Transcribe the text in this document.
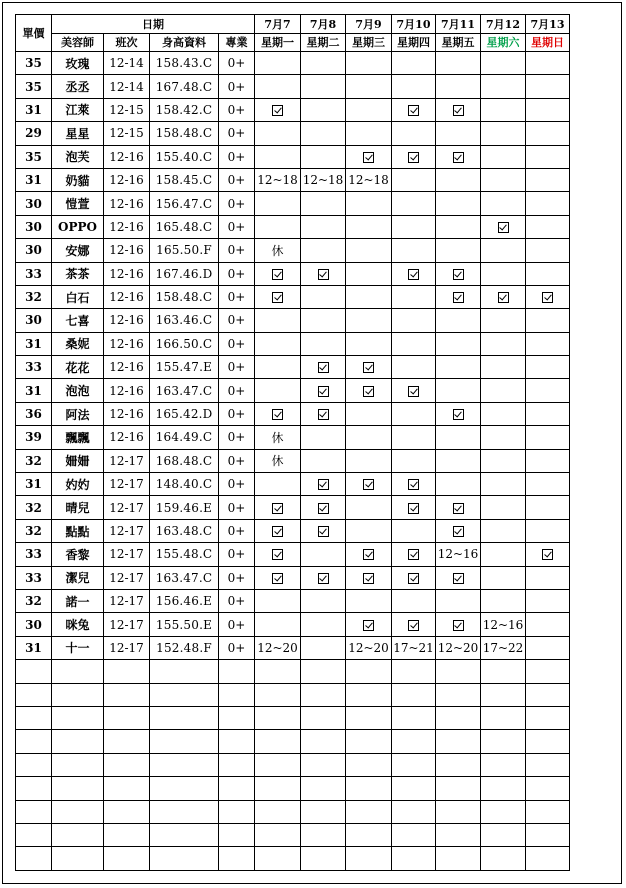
單價	日期				7月7	7月8	7月9	7月10	7月11	7月12	7月13
	美容師	班次	身高資料	專業	星期一	星期二	星期三	星期四	星期五	星期六	星期日
35	玫瑰	12-14	158.43.C	0+							
35	丞丞	12-14	167.48.C	0+							
31	江萊	12-15	158.42.C	0+							
29	星星	12-15	158.48.C	0+							
35	泡芙	12-16	155.40.C	0+							
31	奶貓	12-16	158.45.C	0+	12~18	12~18	12~18				
30	愷萱	12-16	156.47.C	0+							
30	OPPO	12-16	165.48.C	0+							
30	安娜	12-16	165.50.F	0+	休						
33	茶茶	12-16	167.46.D	0+							
32	白石	12-16	158.48.C	0+							
30	七喜	12-16	163.46.C	0+							
31	桑妮	12-16	166.50.C	0+							
33	花花	12-16	155.47.E	0+							
31	泡泡	12-16	163.47.C	0+							
36	阿法	12-16	165.42.D	0+							
39	飄飄	12-16	164.49.C	0+	休						
32	姍姍	12-17	168.48.C	0+	休						
31	妁妁	12-17	148.40.C	0+							
32	晴兒	12-17	159.46.E	0+							
32	點點	12-17	163.48.C	0+							
33	香黎	12-17	155.48.C	0+					12~16		
33	潔兒	12-17	163.47.C	0+							
32	諾一	12-17	156.46.E	0+							
30	咪兔	12-17	155.50.E	0+						12~16	
31	十一	12-17	152.48.F	0+	12~20		12~20	17~21	12~20	17~22	
